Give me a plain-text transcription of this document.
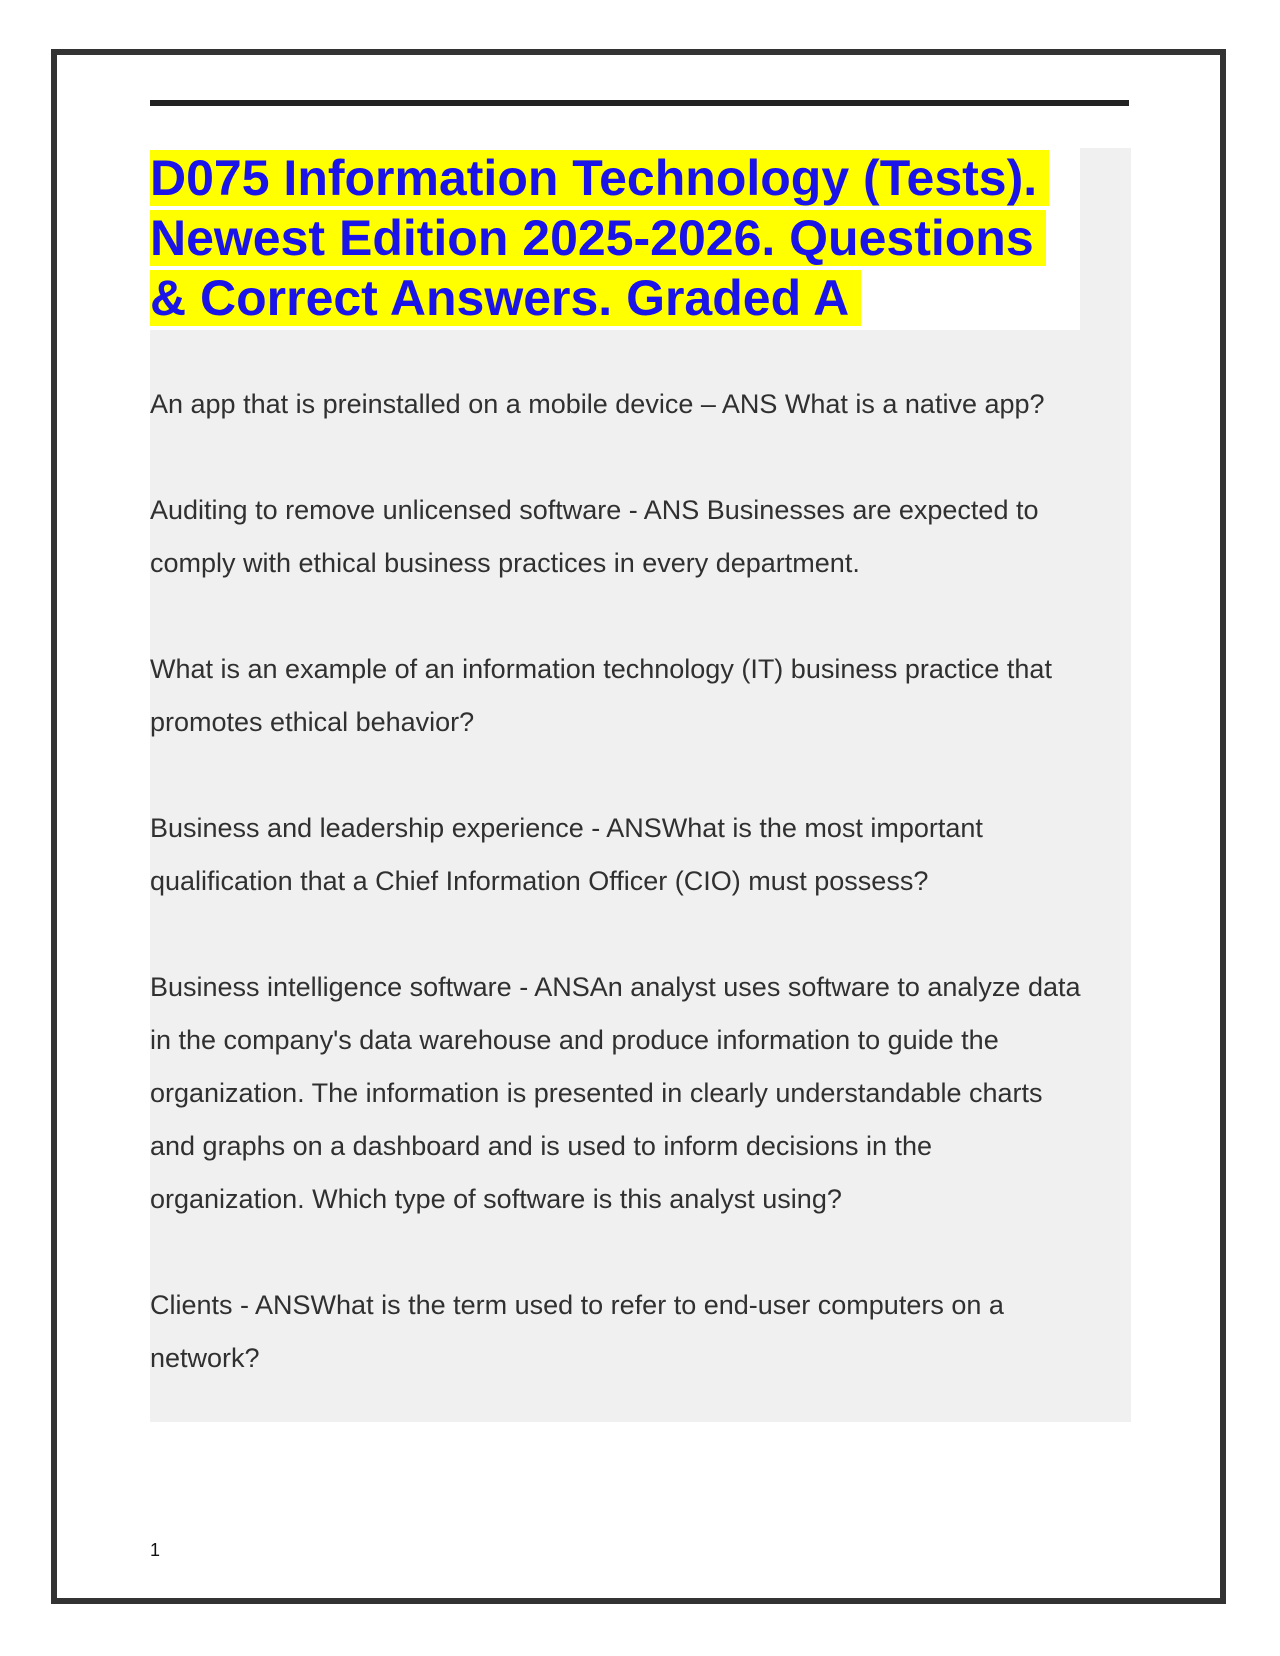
D075 Information Technology (Tests).
Newest Edition 2025-2026. Questions
& Correct Answers. Graded A

An app that is preinstalled on a mobile device – ANS What is a native app?

Auditing to remove unlicensed software - ANS Businesses are expected to comply with ethical business practices in every department.

What is an example of an information technology (IT) business practice that promotes ethical behavior?

Business and leadership experience - ANSWhat is the most important qualification that a Chief Information Officer (CIO) must possess?

Business intelligence software - ANSAn analyst uses software to analyze data in the company's data warehouse and produce information to guide the organization. The information is presented in clearly understandable charts and graphs on a dashboard and is used to inform decisions in the organization. Which type of software is this analyst using?

Clients - ANSWhat is the term used to refer to end-user computers on a network?

1
